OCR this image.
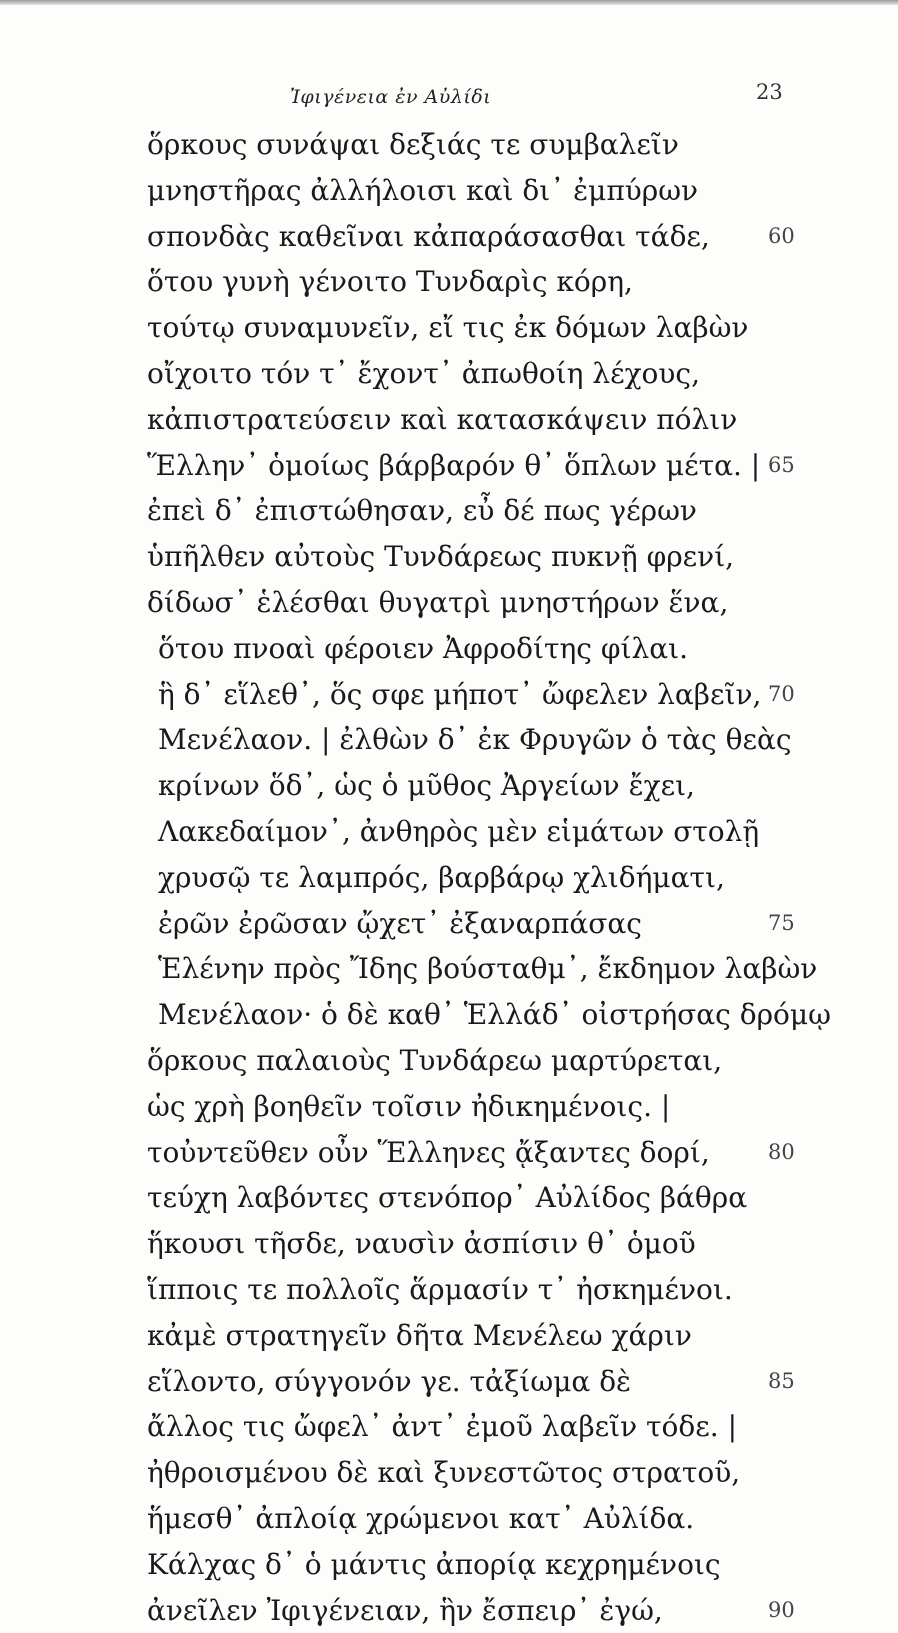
Ἰφιγένεια ἐν Αὐλίδι	23
ὅρκους συνάψαι δεξιάς τε συμβαλεῖν
μνηστῆρας ἀλλήλοισι καὶ δι᾽ ἐμπύρων
σπονδὰς καθεῖναι κἀπαράσασθαι τάδε,	60
ὅτου γυνὴ γένοιτο Τυνδαρὶς κόρη,
τούτῳ συναμυνεῖν, εἴ τις ἐκ δόμων λαβὼν
οἴχοιτο τόν τ᾽ ἔχοντ᾽ ἀπωθοίη λέχους,
κἀπιστρατεύσειν καὶ κατασκάψειν πόλιν
Ἕλλην᾽ ὁμοίως βάρβαρόν θ᾽ ὅπλων μέτα. | 65
ἐπεὶ δ᾽ ἐπιστώθησαν, εὖ δέ πως γέρων
ὑπῆλθεν αὐτοὺς Τυνδάρεως πυκνῇ φρενί,
δίδωσ᾽ ἑλέσθαι θυγατρὶ μνηστήρων ἕνα,
ὅτου πνοαὶ φέροιεν Ἀφροδίτης φίλαι.
ἣ δ᾽ εἵλεθ᾽, ὅς σφε μήποτ᾽ ὤφελεν λαβεῖν, 70
Μενέλαον. | ἐλθὼν δ᾽ ἐκ Φρυγῶν ὁ τὰς θεὰς
κρίνων ὅδ᾽, ὡς ὁ μῦθος Ἀργείων ἔχει,
Λακεδαίμον᾽, ἀνθηρὸς μὲν εἱμάτων στολῇ
χρυσῷ τε λαμπρός, βαρβάρῳ χλιδήματι,
ἐρῶν ἐρῶσαν ᾤχετ᾽ ἐξαναρπάσας	75
Ἑλένην πρὸς Ἴδης βούσταθμ᾽, ἔκδημον λαβὼν
Μενέλαον· ὁ δὲ καθ᾽ Ἑλλάδ᾽ οἰστρήσας δρόμῳ
ὅρκους παλαιοὺς Τυνδάρεω μαρτύρεται,
ὡς χρὴ βοηθεῖν τοῖσιν ἠδικημένοις. |
τοὐντεῦθεν οὖν Ἕλληνες ᾄξαντες δορί,	80
τεύχη λαβόντες στενόπορ᾽ Αὐλίδος βάθρα
ἥκουσι τῆσδε, ναυσὶν ἀσπίσιν θ᾽ ὁμοῦ
ἵπποις τε πολλοῖς ἅρμασίν τ᾽ ἠσκημένοι.
κἀμὲ στρατηγεῖν δῆτα Μενέλεω χάριν
εἵλοντο, σύγγονόν γε. τἀξίωμα δὲ	85
ἄλλος τις ὤφελ᾽ ἀντ᾽ ἐμοῦ λαβεῖν τόδε. |
ἠθροισμένου δὲ καὶ ξυνεστῶτος στρατοῦ,
ἥμεσθ᾽ ἀπλοίᾳ χρώμενοι κατ᾽ Αὐλίδα.
Κάλχας δ᾽ ὁ μάντις ἀπορίᾳ κεχρημένοις
ἀνεῖλεν Ἰφιγένειαν, ἣν ἔσπειρ᾽ ἐγώ,	90
